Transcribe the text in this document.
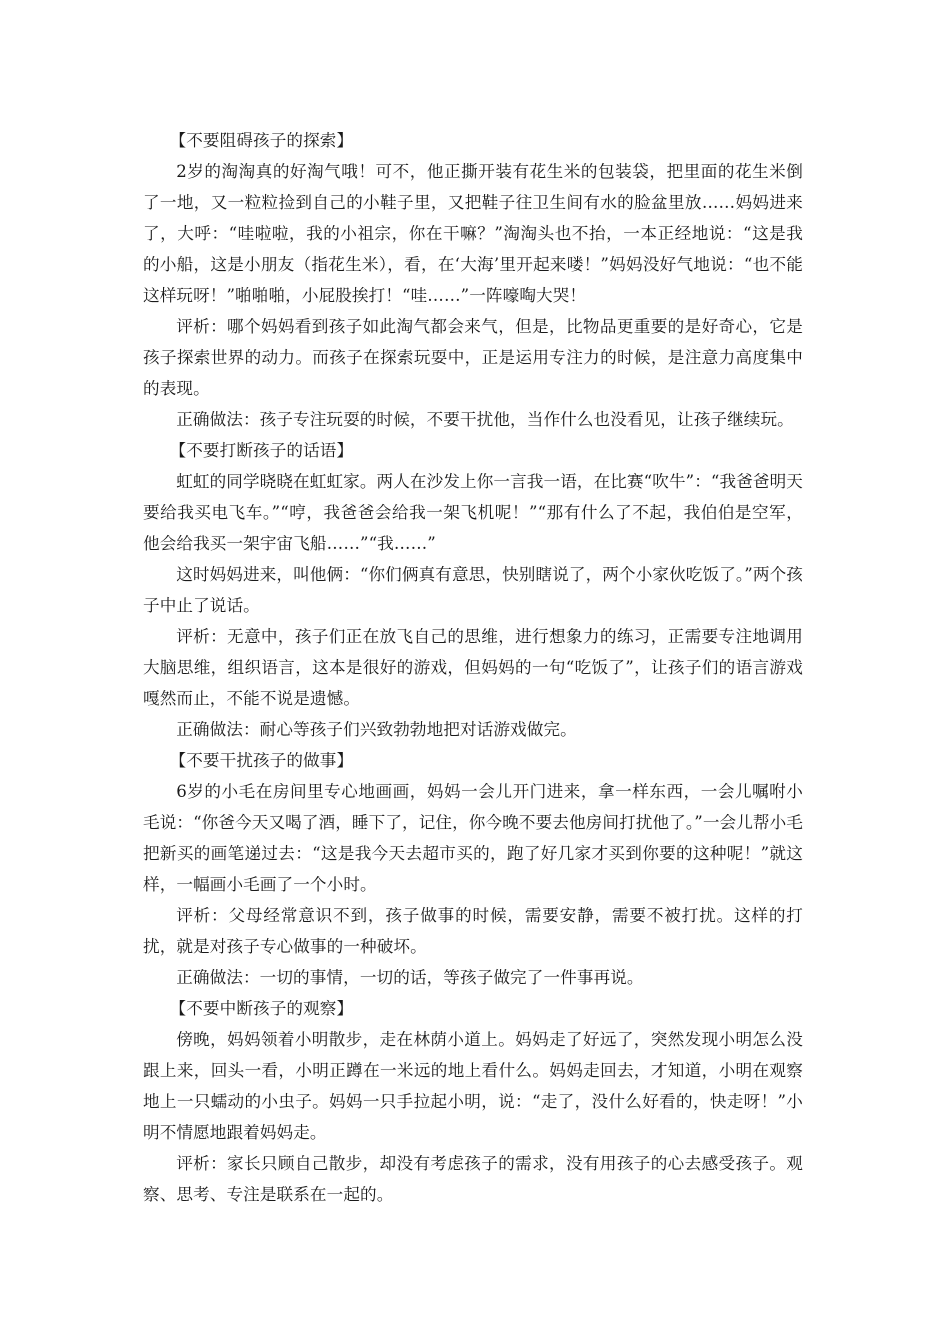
【不要阻碍孩子的探索】

2岁的淘淘真的好淘气哦！可不，他正撕开装有花生米的包装袋，把里面的花生米倒了一地，又一粒粒捡到自己的小鞋子里，又把鞋子往卫生间有水的脸盆里放……妈妈进来了，大呼：“哇啦啦，我的小祖宗，你在干嘛？”淘淘头也不抬，一本正经地说：“这是我的小船，这是小朋友（指花生米），看，在‘大海’里开起来喽！”妈妈没好气地说：“也不能这样玩呀！”啪啪啪，小屁股挨打！“哇……”一阵嚎啕大哭！

评析：哪个妈妈看到孩子如此淘气都会来气，但是，比物品更重要的是好奇心，它是孩子探索世界的动力。而孩子在探索玩耍中，正是运用专注力的时候，是注意力高度集中的表现。

正确做法：孩子专注玩耍的时候，不要干扰他，当作什么也没看见，让孩子继续玩。

【不要打断孩子的话语】

虹虹的同学晓晓在虹虹家。两人在沙发上你一言我一语，在比赛“吹牛”：“我爸爸明天要给我买电飞车。”“哼，我爸爸会给我一架飞机呢！”“那有什么了不起，我伯伯是空军，他会给我买一架宇宙飞船……”“我……”

这时妈妈进来，叫他俩：“你们俩真有意思，快别瞎说了，两个小家伙吃饭了。”两个孩子中止了说话。

评析：无意中，孩子们正在放飞自己的思维，进行想象力的练习，正需要专注地调用大脑思维，组织语言，这本是很好的游戏，但妈妈的一句“吃饭了”，让孩子们的语言游戏嘎然而止，不能不说是遗憾。

正确做法：耐心等孩子们兴致勃勃地把对话游戏做完。

【不要干扰孩子的做事】

6岁的小毛在房间里专心地画画，妈妈一会儿开门进来，拿一样东西，一会儿嘱咐小毛说：“你爸今天又喝了酒，睡下了，记住，你今晚不要去他房间打扰他了。”一会儿帮小毛把新买的画笔递过去：“这是我今天去超市买的，跑了好几家才买到你要的这种呢！”就这样，一幅画小毛画了一个小时。

评析：父母经常意识不到，孩子做事的时候，需要安静，需要不被打扰。这样的打扰，就是对孩子专心做事的一种破坏。

正确做法：一切的事情，一切的话，等孩子做完了一件事再说。

【不要中断孩子的观察】

傍晚，妈妈领着小明散步，走在林荫小道上。妈妈走了好远了，突然发现小明怎么没跟上来，回头一看，小明正蹲在一米远的地上看什么。妈妈走回去，才知道，小明在观察地上一只蠕动的小虫子。妈妈一只手拉起小明，说：“走了，没什么好看的，快走呀！”小明不情愿地跟着妈妈走。

评析：家长只顾自己散步，却没有考虑孩子的需求，没有用孩子的心去感受孩子。观察、思考、专注是联系在一起的。
